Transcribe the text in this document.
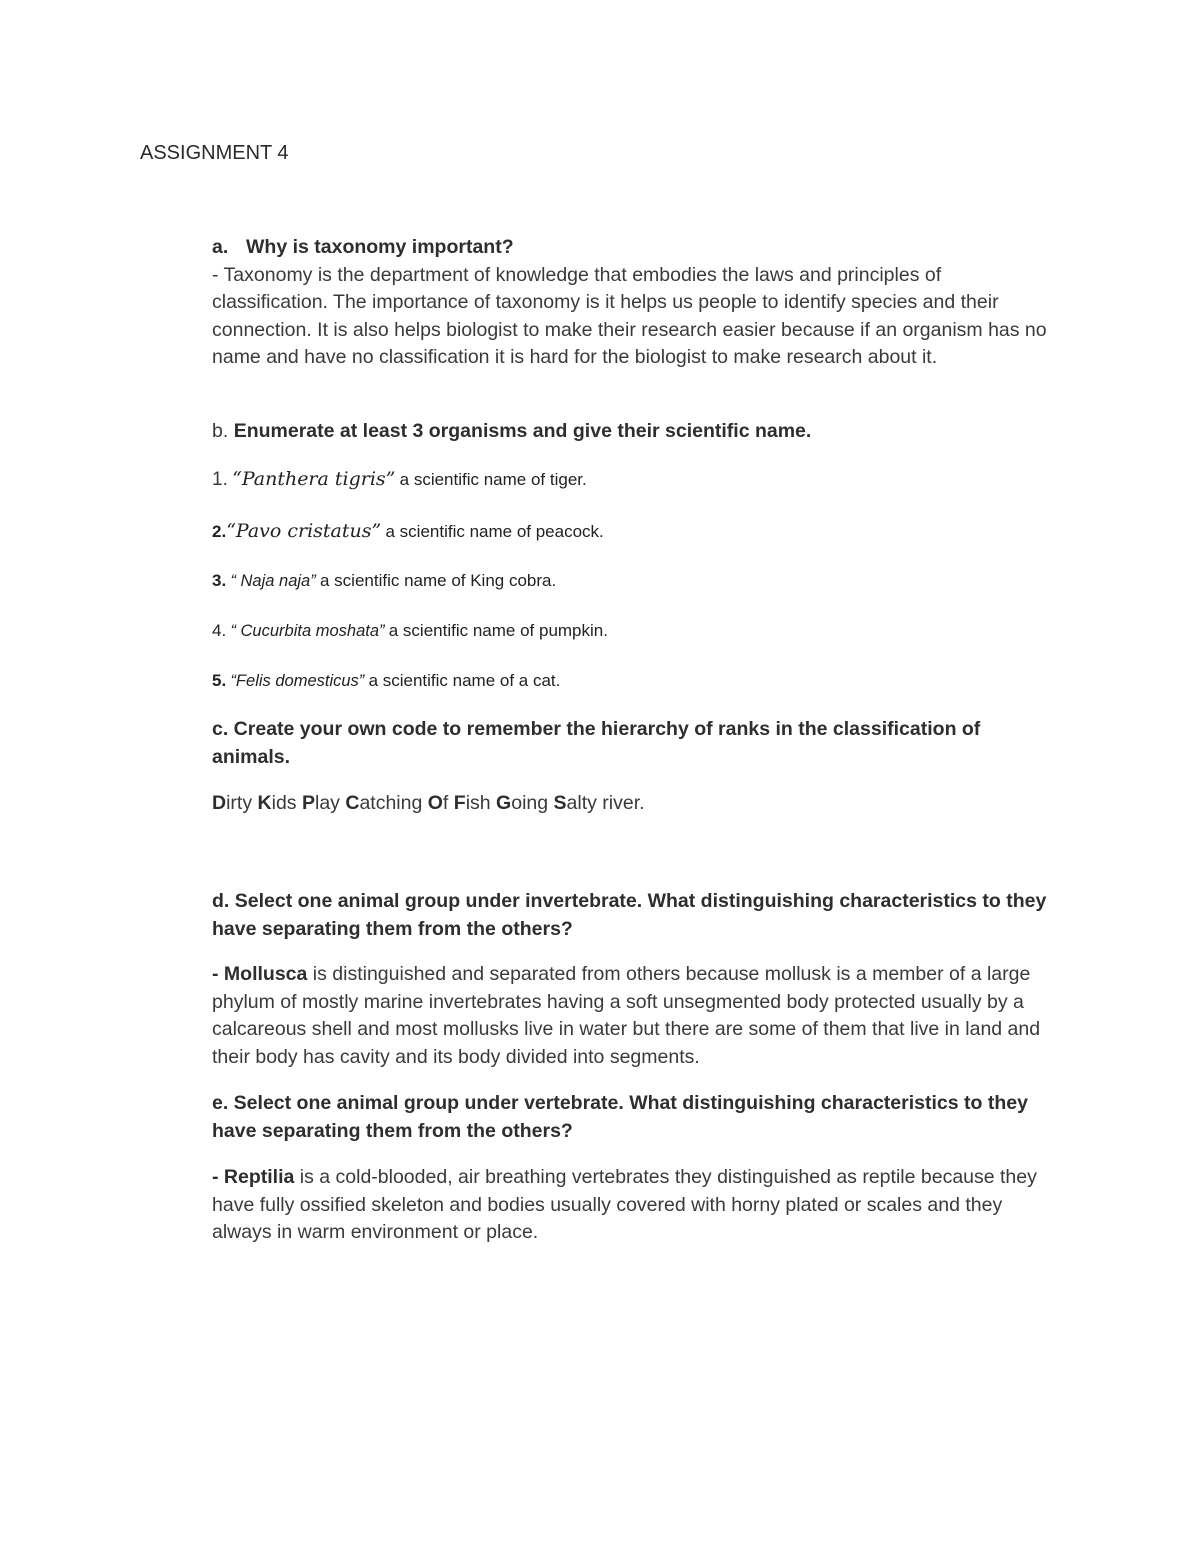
ASSIGNMENT 4
a. Why is taxonomy important?
- Taxonomy is the department of knowledge that embodies the laws and principles of classification. The importance of taxonomy is it helps us people to identify species and their connection. It is also helps biologist to make their research easier because if an organism has no name and have no classification it is hard for the biologist to make research about it.
b. Enumerate at least 3 organisms and give their scientific name.
1. “Panthera tigris” a scientific name of tiger.
2.“Pavo cristatus” a scientific name of peacock.
3. “ Naja naja” a scientific name of King cobra.
4. “ Cucurbita moshata” a scientific name of pumpkin.
5. “Felis domesticus” a scientific name of a cat.
c. Create your own code to remember the hierarchy of ranks in the classification of animals.
Dirty Kids Play Catching Of Fish Going Salty river.
d. Select one animal group under invertebrate. What distinguishing characteristics to they have separating them from the others?
- Mollusca is distinguished and separated from others because mollusk is a member of a large phylum of mostly marine invertebrates having a soft unsegmented body protected usually by a calcareous shell and most mollusks live in water but there are some of them that live in land and their body has cavity and its body divided into segments.
e. Select one animal group under vertebrate. What distinguishing characteristics to they have separating them from the others?
- Reptilia is a cold-blooded, air breathing vertebrates they distinguished as reptile because they have fully ossified skeleton and bodies usually covered with horny plated or scales and they always in warm environment or place.
